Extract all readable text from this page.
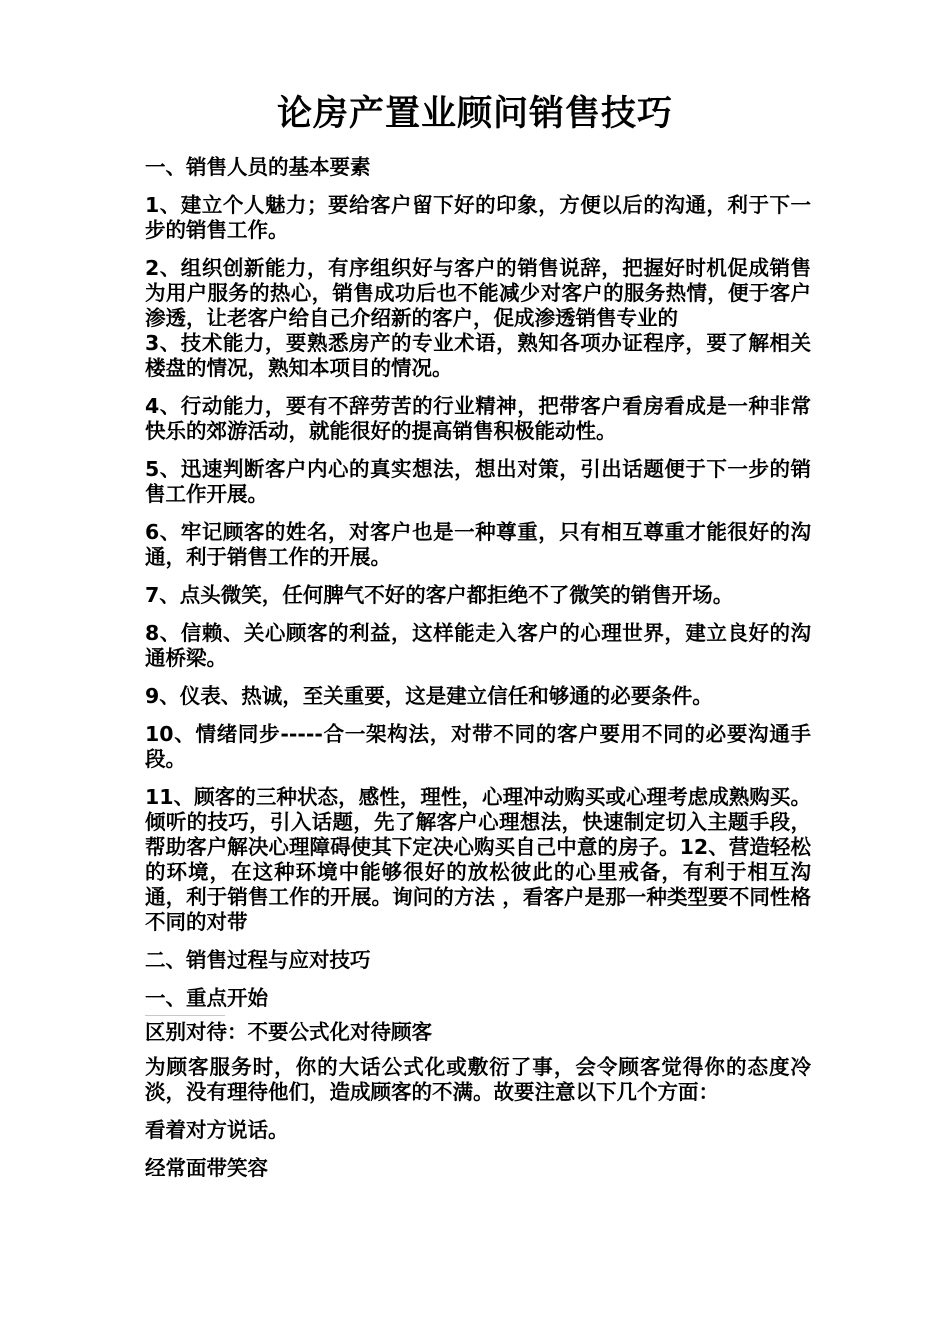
论房产置业顾问销售技巧
一、销售人员的基本要素
1、建立个人魅力；要给客户留下好的印象，方便以后的沟通，利于下一步的销售工作。
2、组织创新能力，有序组织好与客户的销售说辞，把握好时机促成销售为用户服务的热心，销售成功后也不能减少对客户的服务热情，便于客户渗透，让老客户给自己介绍新的客户，促成渗透销售专业的
3、技术能力，要熟悉房产的专业术语，熟知各项办证程序，要了解相关楼盘的情况，熟知本项目的情况。
4、行动能力，要有不辞劳苦的行业精神，把带客户看房看成是一种非常快乐的郊游活动，就能很好的提高销售积极能动性。
5、迅速判断客户内心的真实想法，想出对策，引出话题便于下一步的销售工作开展。
6、牢记顾客的姓名，对客户也是一种尊重，只有相互尊重才能很好的沟通，利于销售工作的开展。
7、点头微笑，任何脾气不好的客户都拒绝不了微笑的销售开场。
8、信赖、关心顾客的利益，这样能走入客户的心理世界，建立良好的沟通桥梁。
9、仪表、热诚，至关重要，这是建立信任和够通的必要条件。
10、情绪同步-----合一架构法，对带不同的客户要用不同的必要沟通手段。
11、顾客的三种状态，感性，理性，心理冲动购买或心理考虑成熟购买。倾听的技巧，引入话题，先了解客户心理想法，快速制定切入主题手段，帮助客户解决心理障碍使其下定决心购买自己中意的房子。12、营造轻松的环境，在这种环境中能够很好的放松彼此的心里戒备，有利于相互沟通，利于销售工作的开展。询问的方法 ，看客户是那一种类型要不同性格不同的对带
二、销售过程与应对技巧
一、重点开始
区别对待：不要公式化对待顾客
为顾客服务时，你的大话公式化或敷衍了事，会令顾客觉得你的态度冷淡，没有理待他们，造成顾客的不满。故要注意以下几个方面：
看着对方说话。
经常面带笑容
